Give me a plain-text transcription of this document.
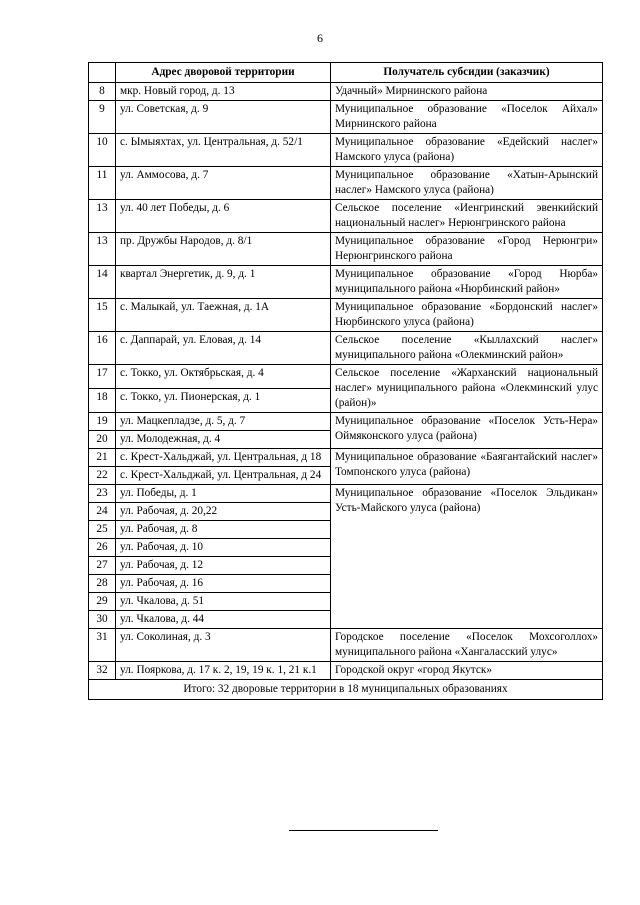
6
	Адрес дворовой территории	Получатель субсидии (заказчик)
8	мкр. Новый город, д. 13	Удачный» Мирнинского района
9	ул. Советская, д. 9	Муниципальное образование «Поселок Айхал» Мирнинского района
10	с. Ымыяхтах, ул. Центральная, д. 52/1	Муниципальное образование «Едейский наслег» Намского улуса (района)
11	ул. Аммосова, д. 7	Муниципальное образование «Хатын-Арынский наслег» Намского улуса (района)
13	ул. 40 лет Победы, д. 6	Сельское поселение «Иенгринский эвенкийский национальный наслег» Нерюнгринского района
13	пр. Дружбы Народов, д. 8/1	Муниципальное образование «Город Нерюнгри» Нерюнгринского района
14	квартал Энергетик, д. 9, д. 1	Муниципальное образование «Город Нюрба» муниципального района «Нюрбинский район»
15	с. Малыкай, ул. Таежная, д. 1А	Муниципальное образование «Бордонский наслег» Нюрбинского улуса (района)
16	с. Даппарай, ул. Еловая, д. 14	Сельское поселение «Кыллахский наслег» муниципального района «Олекминский район»
17	с. Токко, ул. Октябрьская, д. 4	Сельское поселение «Жарханский национальный наслег» муниципального района «Олекминский улус (район)»
18	с. Токко, ул. Пионерская, д. 1	
19	ул. Мацкепладзе, д. 5, д. 7	Муниципальное образование «Поселок Усть-Нера» Оймяконского улуса (района)
20	ул. Молодежная, д. 4	
21	с. Крест-Хальджай, ул. Центральная, д 18	Муниципальное образование «Баягантайский наслег» Томпонского улуса (района)
22	с. Крест-Хальджай, ул. Центральная, д 24	
23	ул. Победы, д. 1	Муниципальное образование «Поселок Эльдикан» Усть-Майского улуса (района)
24	ул. Рабочая, д. 20,22	
25	ул. Рабочая, д. 8	
26	ул. Рабочая, д. 10	
27	ул. Рабочая, д. 12	
28	ул. Рабочая, д. 16	
29	ул. Чкалова, д. 51	
30	ул. Чкалова, д. 44	
31	ул. Соколиная, д. 3	Городское поселение «Поселок Мохсоголлох» муниципального района «Хангаласский улус»
32	ул. Пояркова, д. 17 к. 2, 19, 19 к. 1, 21 к.1	Городской округ «город Якутск»
Итого: 32 дворовые территории в 18 муниципальных образованиях		
